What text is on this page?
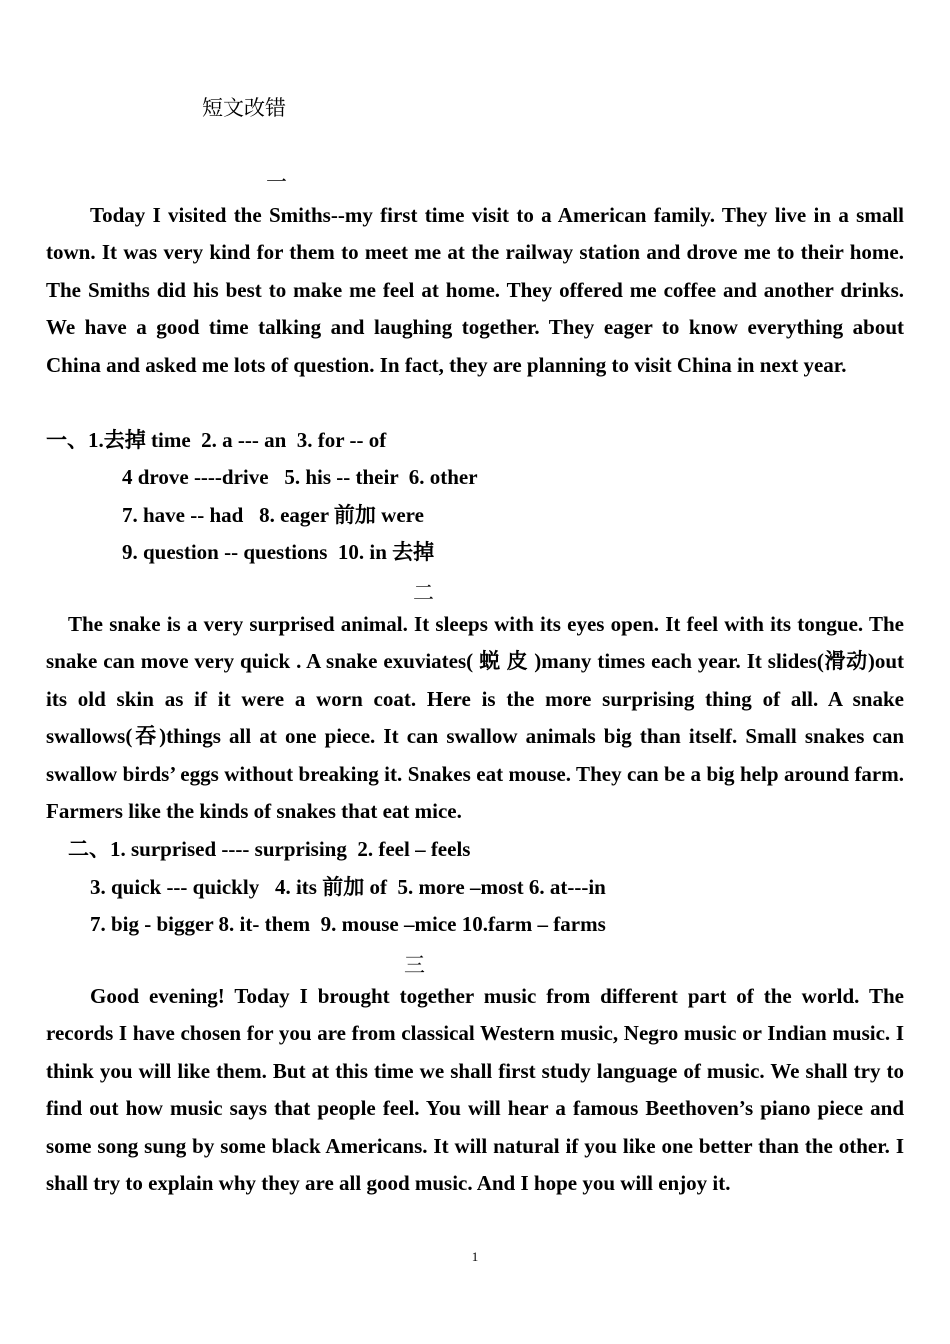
短文改错
一

Today I visited the Smiths--my first time visit to a American family. They live in a small town. It was very kind for them to meet me at the railway station and drove me to their home. The Smiths did his best to make me feel at home. They offered me coffee and another drinks. We have a good time talking and laughing together. They eager to know everything about China and asked me lots of question. In fact, they are planning to visit China in next year.

一、1.去掉 time  2. a --- an  3. for -- of
4 drove ----drive   5. his -- their  6. other
7. have -- had   8. eager 前加 were
9. question -- questions  10. in 去掉
二

The snake is a very surprised animal. It sleeps with its eyes open. It feel with its tongue. The snake can move very quick . A snake exuviates( 蜕 皮 )many times each year. It slides(滑动)out its old skin as if it were a worn coat. Here is the more surprising thing of all. A snake swallows(吞)things all at one piece. It can swallow animals big than itself. Small snakes can swallow birds’ eggs without breaking it. Snakes eat mouse. They can be a big help around farm. Farmers like the kinds of snakes that eat mice.

二、1. surprised ---- surprising  2. feel – feels
3. quick --- quickly   4. its 前加 of  5. more –most 6. at---in
7. big - bigger 8. it- them  9. mouse –mice 10.farm – farms
三

Good evening! Today I brought together music from different part of the world. The records I have chosen for you are from classical Western music, Negro music or Indian music. I think you will like them. But at this time we shall first study language of music. We shall try to find out how music says that people feel. You will hear a famous Beethoven’s piano piece and some song sung by some black Americans. It will natural if you like one better than the other. I shall try to explain why they are all good music. And I hope you will enjoy it.

1
